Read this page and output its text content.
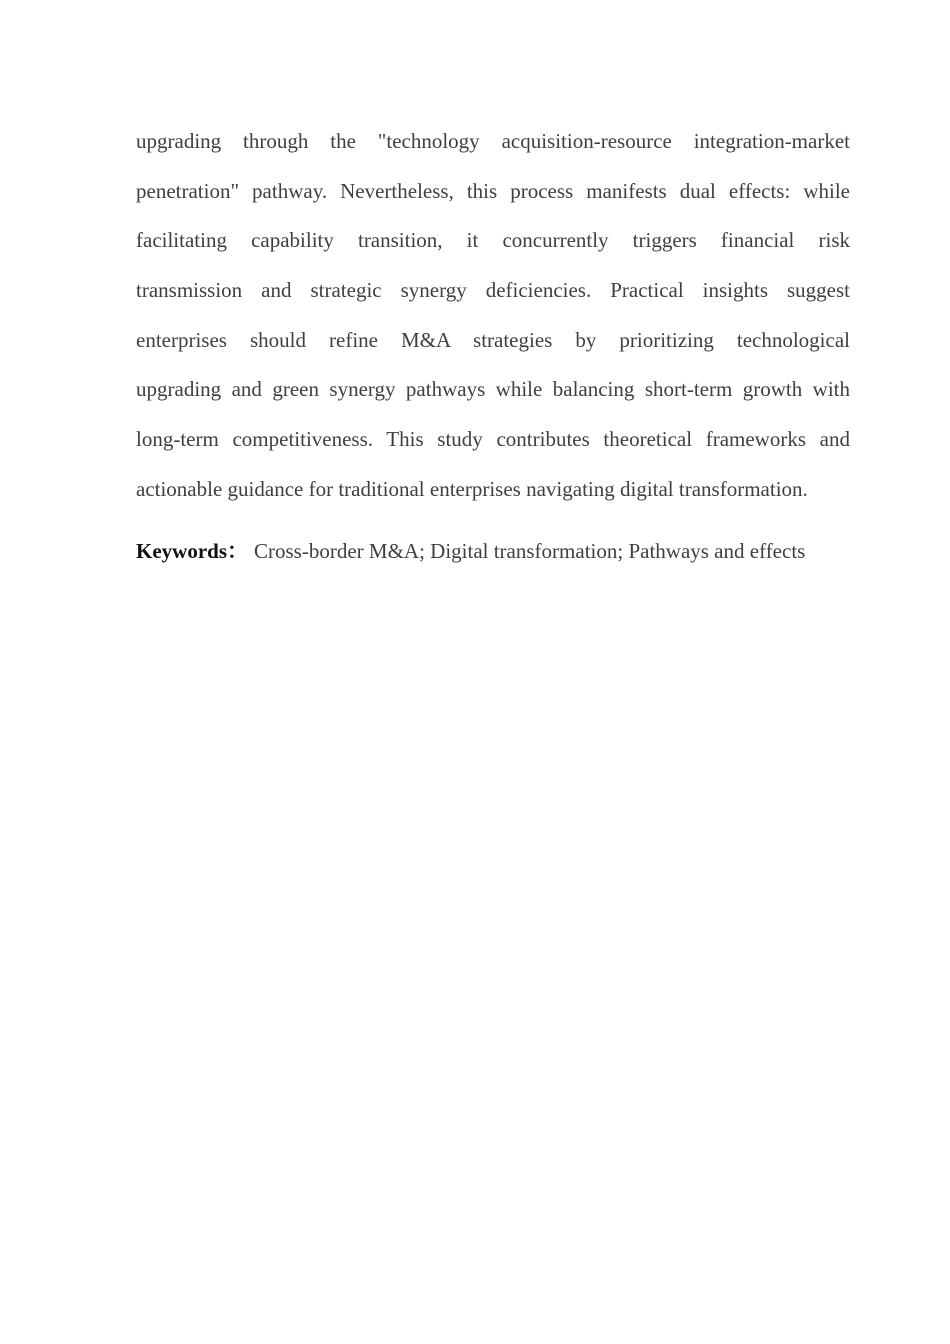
upgrading through the "technology acquisition-resource integration-market
penetration" pathway. Nevertheless, this process manifests dual effects: while
facilitating capability transition, it concurrently triggers financial risk
transmission and strategic synergy deficiencies. Practical insights suggest
enterprises should refine M&A strategies by prioritizing technological
upgrading and green synergy pathways while balancing short-term growth with
long-term competitiveness. This study contributes theoretical frameworks and
actionable guidance for traditional enterprises navigating digital transformation.
Keywords： Cross-border M&A; Digital transformation; Pathways and effects
